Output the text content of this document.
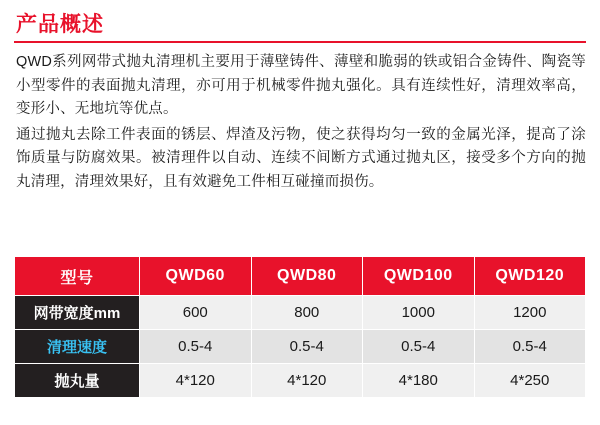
产品概述

QWD系列网带式抛丸清理机主要用于薄壁铸件、薄壁和脆弱的铁或铝合金铸件、陶瓷等小型零件的表面抛丸清理，亦可用于机械零件抛丸强化。具有连续性好，清理效率高，变形小、无地坑等优点。

通过抛丸去除工件表面的锈层、焊渣及污物，使之获得均匀一致的金属光泽，提高了涂饰质量与防腐效果。被清理件以自动、连续不间断方式通过抛丸区，接受多个方向的抛丸清理，清理效果好，且有效避免工件相互碰撞而损伤。

型号	QWD60	QWD80	QWD100	QWD120
网带宽度mm	600	800	1000	1200
清理速度	0.5-4	0.5-4	0.5-4	0.5-4
抛丸量	4*120	4*120	4*180	4*250
